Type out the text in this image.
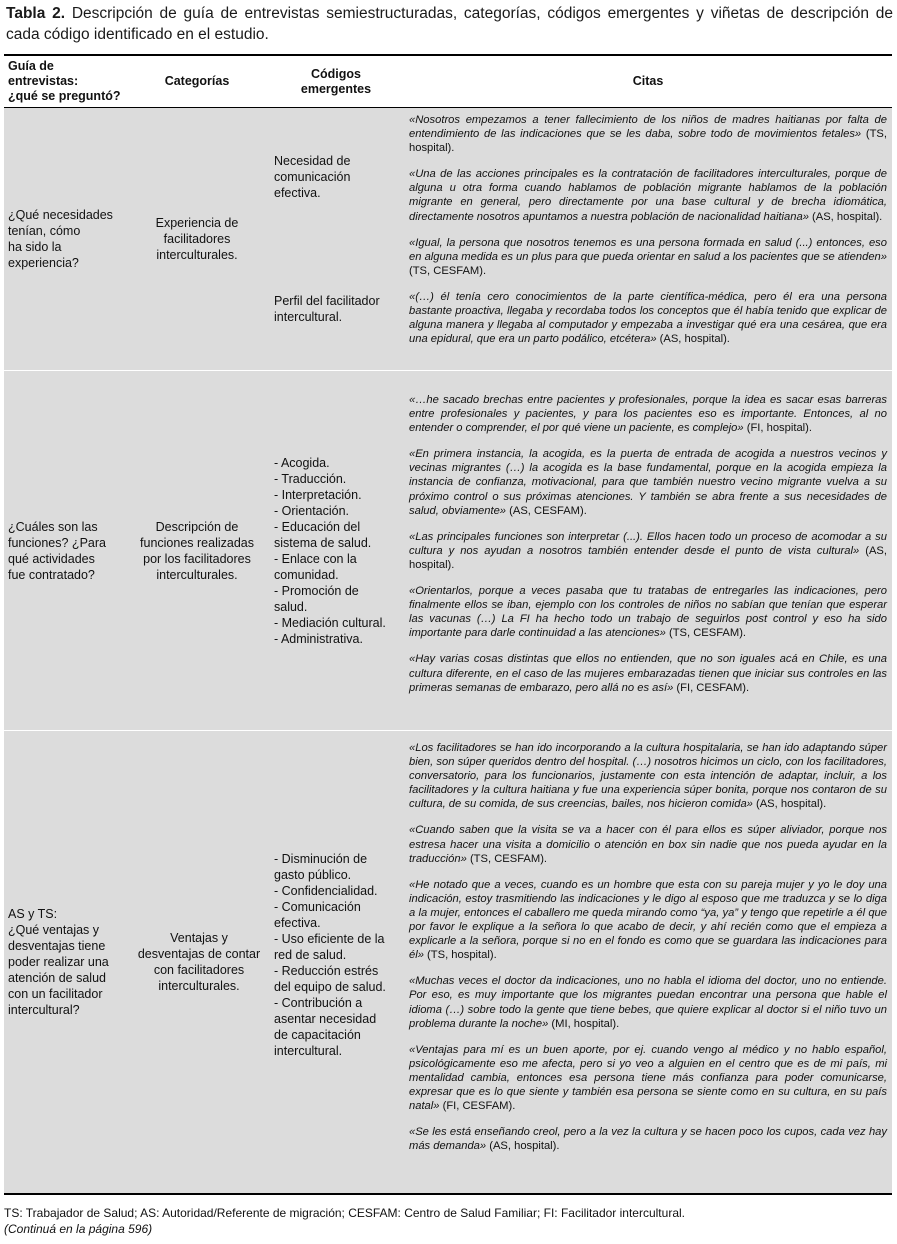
Tabla 2. Descripción de guía de entrevistas semiestructuradas, categorías, códigos emergentes y viñetas de descripción de cada código identificado en el estudio.
Guía de
entrevistas:
¿qué se preguntó?
Categorías
Códigos
emergentes
Citas
¿Qué necesidades
tenían, cómo
ha sido la
experiencia?
Experiencia de
facilitadores
interculturales.
Necesidad de
comunicación
efectiva.
Perfil del facilitador
intercultural.

«Nosotros empezamos a tener fallecimiento de los niños de madres haitianas por falta de entendimiento de las indicaciones que se les daba, sobre todo de movimientos fetales» (TS, hospital).

«Una de las acciones principales es la contratación de facilitadores interculturales, porque de alguna u otra forma cuando hablamos de población migrante hablamos de la población migrante en general, pero directamente por una base cultural y de brecha idiomática, directamente nosotros apuntamos a nuestra población de nacionalidad haitiana» (AS, hospital).

«Igual, la persona que nosotros tenemos es una persona formada en salud (...) entonces, eso en alguna medida es un plus para que pueda orientar en salud a los pacientes que se atienden» (TS, CESFAM).

«(…) él tenía cero conocimientos de la parte científica-médica, pero él era una persona bastante proactiva, llegaba y recordaba todos los conceptos que él había tenido que explicar de alguna manera y llegaba al computador y empezaba a investigar qué era una cesárea, que era una epidural, que era un parto podálico, etcétera» (AS, hospital).

¿Cuáles son las
funciones? ¿Para
qué actividades
fue contratado?
Descripción de
funciones realizadas
por los facilitadores
interculturales.
- Acogida.
- Traducción.
- Interpretación.
- Orientación.
- Educación del
sistema de salud.
- Enlace con la
comunidad.
- Promoción de
salud.
- Mediación cultural.
- Administrativa.

«…he sacado brechas entre pacientes y profesionales, porque la idea es sacar esas barreras entre profesionales y pacientes, y para los pacientes eso es importante. Entonces, al no entender o comprender, el por qué viene un paciente, es complejo» (FI, hospital).

«En primera instancia, la acogida, es la puerta de entrada de acogida a nuestros vecinos y vecinas migrantes (…) la acogida es la base fundamental, porque en la acogida empieza la instancia de confianza, motivacional, para que también nuestro vecino migrante vuelva a su próximo control o sus próximas atenciones. Y también se abra frente a sus necesidades de salud, obviamente» (AS, CESFAM).

«Las principales funciones son interpretar (...). Ellos hacen todo un proceso de acomodar a su cultura y nos ayudan a nosotros también entender desde el punto de vista cultural» (AS, hospital).

«Orientarlos, porque a veces pasaba que tu tratabas de entregarles las indicaciones, pero finalmente ellos se iban, ejemplo con los controles de niños no sabían que tenían que esperar las vacunas (…) La FI ha hecho todo un trabajo de seguirlos post control y eso ha sido importante para darle continuidad a las atenciones» (TS, CESFAM).

«Hay varias cosas distintas que ellos no entienden, que no son iguales acá en Chile, es una cultura diferente, en el caso de las mujeres embarazadas tienen que iniciar sus controles en las primeras semanas de embarazo, pero allá no es así» (FI, CESFAM).

AS y TS:
¿Qué ventajas y
desventajas tiene
poder realizar una
atención de salud
con un facilitador
intercultural?
Ventajas y
desventajas de contar
con facilitadores
interculturales.
- Disminución de
gasto público.
- Confidencialidad.
- Comunicación
efectiva.
- Uso eficiente de la
red de salud.
- Reducción estrés
del equipo de salud.
- Contribución a
asentar necesidad
de capacitación
intercultural.

«Los facilitadores se han ido incorporando a la cultura hospitalaria, se han ido adaptando súper bien, son súper queridos dentro del hospital. (…) nosotros hicimos un ciclo, con los facilitadores, conversatorio, para los funcionarios, justamente con esta intención de adaptar, incluir, a los facilitadores y la cultura haitiana y fue una experiencia súper bonita, porque nos contaron de su cultura, de su comida, de sus creencias, bailes, nos hicieron comida» (AS, hospital).

«Cuando saben que la visita se va a hacer con él para ellos es súper aliviador, porque nos estresa hacer una visita a domicilio o atención en box sin nadie que nos pueda ayudar en la traducción» (TS, CESFAM).

«He notado que a veces, cuando es un hombre que esta con su pareja mujer y yo le doy una indicación, estoy trasmitiendo las indicaciones y le digo al esposo que me traduzca y se lo diga a la mujer, entonces el caballero me queda mirando como “ya, ya” y tengo que repetirle a él que por favor le explique a la señora lo que acabo de decir, y ahí recién como que el empieza a explicarle a la señora, porque si no en el fondo es como que se guardara las indicaciones para él» (TS, hospital).

«Muchas veces el doctor da indicaciones, uno no habla el idioma del doctor, uno no entiende. Por eso, es muy importante que los migrantes puedan encontrar una persona que hable el idioma (…) sobre todo la gente que tiene bebes, que quiere explicar al doctor si el niño tuvo un problema durante la noche» (MI, hospital).

«Ventajas para mí es un buen aporte, por ej. cuando vengo al médico y no hablo español, psicológicamente eso me afecta, pero si yo veo a alguien en el centro que es de mi país, mi mentalidad cambia, entonces esa persona tiene más confianza para poder comunicarse, expresar que es lo que siente y también esa persona se siente como en su cultura, en su país natal» (FI, CESFAM).

«Se les está enseñando creol, pero a la vez la cultura y se hacen poco los cupos, cada vez hay más demanda» (AS, hospital).

TS: Trabajador de Salud; AS: Autoridad/Referente de migración; CESFAM: Centro de Salud Familiar; FI: Facilitador intercultural.
(Continuá en la página 596)
